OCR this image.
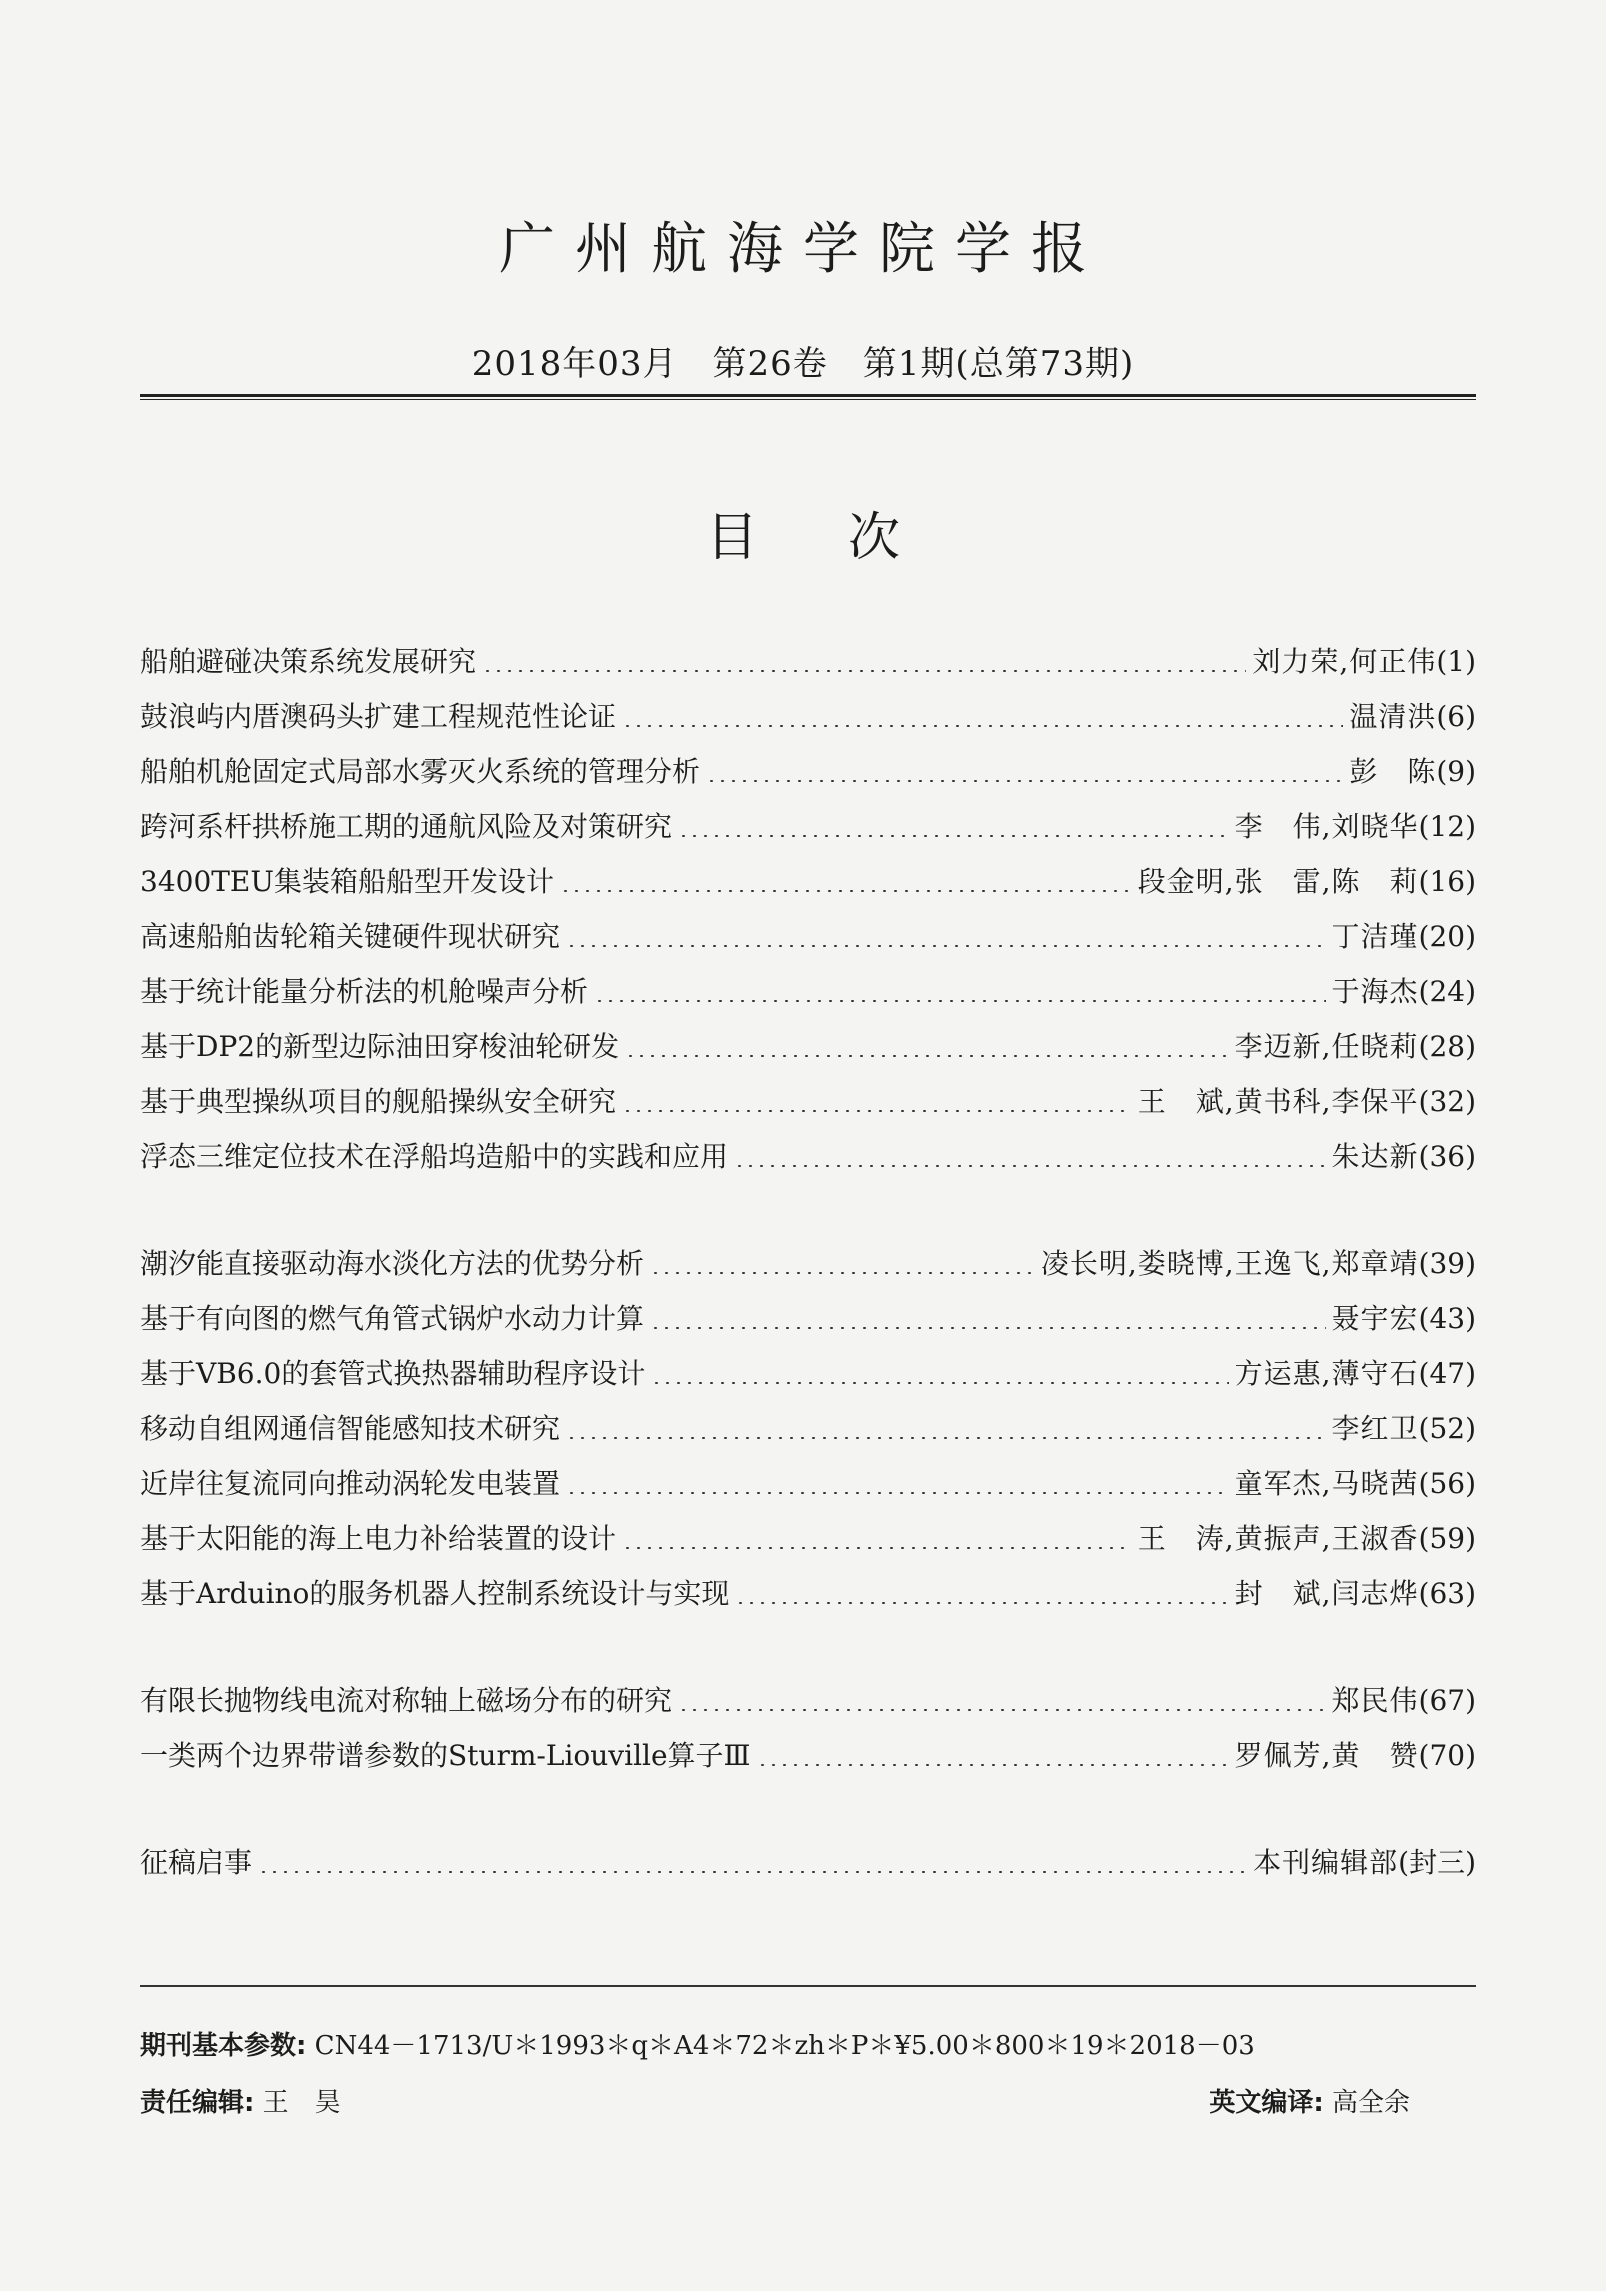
广州航海学院学报
2018年03月　第26卷　第1期(总第73期)
目次
船舶避碰决策系统发展研究	刘力荣,何正伟 (1)
鼓浪屿内厝澳码头扩建工程规范性论证	温清洪 (6)
船舶机舱固定式局部水雾灭火系统的管理分析	彭　陈 (9)
跨河系杆拱桥施工期的通航风险及对策研究	李　伟,刘晓华 (12)
3400TEU集装箱船船型开发设计	段金明,张　雷,陈　莉 (16)
高速船舶齿轮箱关键硬件现状研究	丁洁瑾 (20)
基于统计能量分析法的机舱噪声分析	于海杰 (24)
基于DP2的新型边际油田穿梭油轮研发	李迈新,任晓莉 (28)
基于典型操纵项目的舰船操纵安全研究	王　斌,黄书科,李保平 (32)
浮态三维定位技术在浮船坞造船中的实践和应用	朱达新 (36)
潮汐能直接驱动海水淡化方法的优势分析	凌长明,娄晓博,王逸飞,郑章靖 (39)
基于有向图的燃气角管式锅炉水动力计算	聂宇宏 (43)
基于VB6.0的套管式换热器辅助程序设计	方运惠,薄守石 (47)
移动自组网通信智能感知技术研究	李红卫 (52)
近岸往复流同向推动涡轮发电装置	童军杰,马晓茜 (56)
基于太阳能的海上电力补给装置的设计	王　涛,黄振声,王淑香 (59)
基于Arduino的服务机器人控制系统设计与实现	封　斌,闫志烨 (63)
有限长抛物线电流对称轴上磁场分布的研究	郑民伟 (67)
一类两个边界带谱参数的Sturm-Liouville算子Ⅲ	罗佩芳,黄　赞 (70)
征稿启事	本刊编辑部 (封三)
期刊基本参数: CN44－1713/U＊1993＊q＊A4＊72＊zh＊P＊¥5.00＊800＊19＊2018－03
责任编辑: 王　昊	英文编译: 高全余
